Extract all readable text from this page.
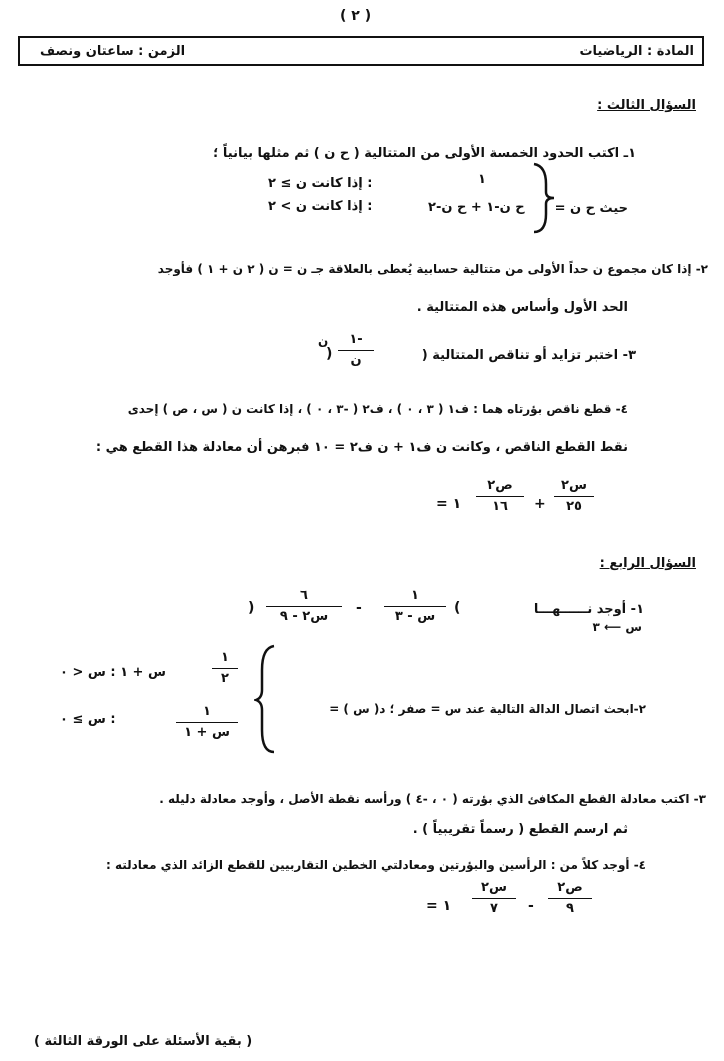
( ٢ )
المادة : الرياضيات
الزمن : ساعتان ونصف
السؤال الثالث :
١ـ اكتب الحدود الخمسة الأولى من المتتالية ( ح ن ) ثم مثلها بيانياً ؛
حيث ح ن =
١
: إذا كانت ن ≥ ٢
ح ن-١ + ح ن-٢
: إذا كانت ن > ٢
٢- إذا كان مجموع ن حداً الأولى من متتالية حسابية يُعطى بالعلاقة جـ ن = ن ( ٢ ن + ١ ) فأوجد
الحد الأول وأساس هذه المتتالية .
٣- اختبر تزايد أو تناقص المتتالية (
١-
ن
)
ن
٤- قطع ناقص بؤرتاه هما : ف١ ( ٣ ، ٠ ) ، ف٢ ( -٣ ، ٠ ) ، إذا كانت ن ( س ، ص ) إحدى
نقط القطع الناقص ، وكانت ن ف١ + ن ف٢ = ١٠ فبرهن أن معادلة هذا القطع هي :
س٢
٢٥
+
ص٢
١٦
= ١
السؤال الرابع :
١- أوجد نــــــهـــا
س ⟵ ٣
(
١
س - ٣
-
٦
س٢ - ٩
)
٢-ابحث اتصال الدالة التالية عند س = صفر ؛ د( س ) =
١
٢
س + ١ : س < ٠
١
س + ١
: س ≥ ٠
٣- اكتب معادلة القطع المكافئ الذي بؤرته ( ٠ ، -٤ ) ورأسه نقطة الأصل ، وأوجد معادلة دليله .
ثم ارسم القطع ( رسماً تقريبياً ) .
٤- أوجد كلاً من : الرأسين والبؤرتين ومعادلتي الخطين التقاربيين للقطع الزائد الذي معادلته :
ص٢
٩
-
س٢
٧
= ١
( بقية الأسئلة على الورقة الثالثة )
